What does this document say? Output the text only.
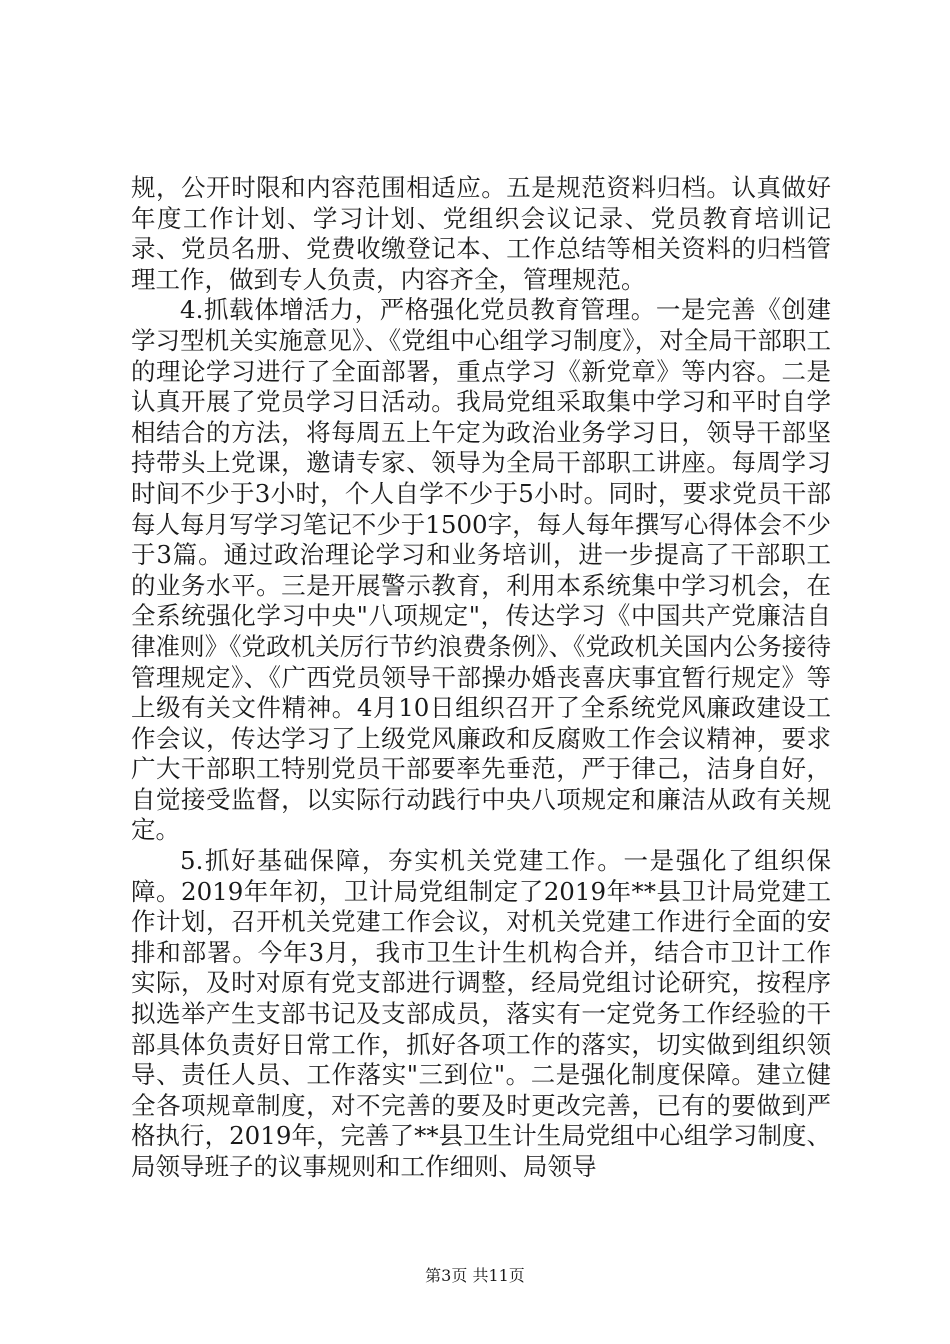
规，公开时限和内容范围相适应。五是规范资料归档。认真做好年度工作计划、学习计划、党组织会议记录、党员教育培训记录、党员名册、党费收缴登记本、工作总结等相关资料的归档管理工作，做到专人负责，内容齐全，管理规范。

4.抓载体增活力，严格强化党员教育管理。一是完善《创建学习型机关实施意见》、《党组中心组学习制度》，对全局干部职工的理论学习进行了全面部署，重点学习《新党章》等内容。二是认真开展了党员学习日活动。我局党组采取集中学习和平时自学相结合的方法，将每周五上午定为政治业务学习日，领导干部坚持带头上党课，邀请专家、领导为全局干部职工讲座。每周学习时间不少于3小时，个人自学不少于5小时。同时，要求党员干部每人每月写学习笔记不少于1500字，每人每年撰写心得体会不少于3篇。通过政治理论学习和业务培训，进一步提高了干部职工的业务水平。三是开展警示教育，利用本系统集中学习机会，在全系统强化学习中央"八项规定"，传达学习《中国共产党廉洁自律准则》《党政机关厉行节约浪费条例》、《党政机关国内公务接待管理规定》、《广西党员领导干部操办婚丧喜庆事宜暂行规定》等上级有关文件精神。4月10日组织召开了全系统党风廉政建设工作会议，传达学习了上级党风廉政和反腐败工作会议精神，要求广大干部职工特别党员干部要率先垂范，严于律己，洁身自好，自觉接受监督，以实际行动践行中央八项规定和廉洁从政有关规定。

5.抓好基础保障，夯实机关党建工作。一是强化了组织保障。2019年年初，卫计局党组制定了2019年**县卫计局党建工作计划，召开机关党建工作会议，对机关党建工作进行全面的安排和部署。今年3月，我市卫生计生机构合并，结合市卫计工作实际，及时对原有党支部进行调整，经局党组讨论研究，按程序拟选举产生支部书记及支部成员，落实有一定党务工作经验的干部具体负责好日常工作，抓好各项工作的落实，切实做到组织领导、责任人员、工作落实"三到位"。二是强化制度保障。建立健全各项规章制度，对不完善的要及时更改完善，已有的要做到严格执行，2019年，完善了**县卫生计生局党组中心组学习制度、局领导班子的议事规则和工作细则、局领导

第3页 共11页
